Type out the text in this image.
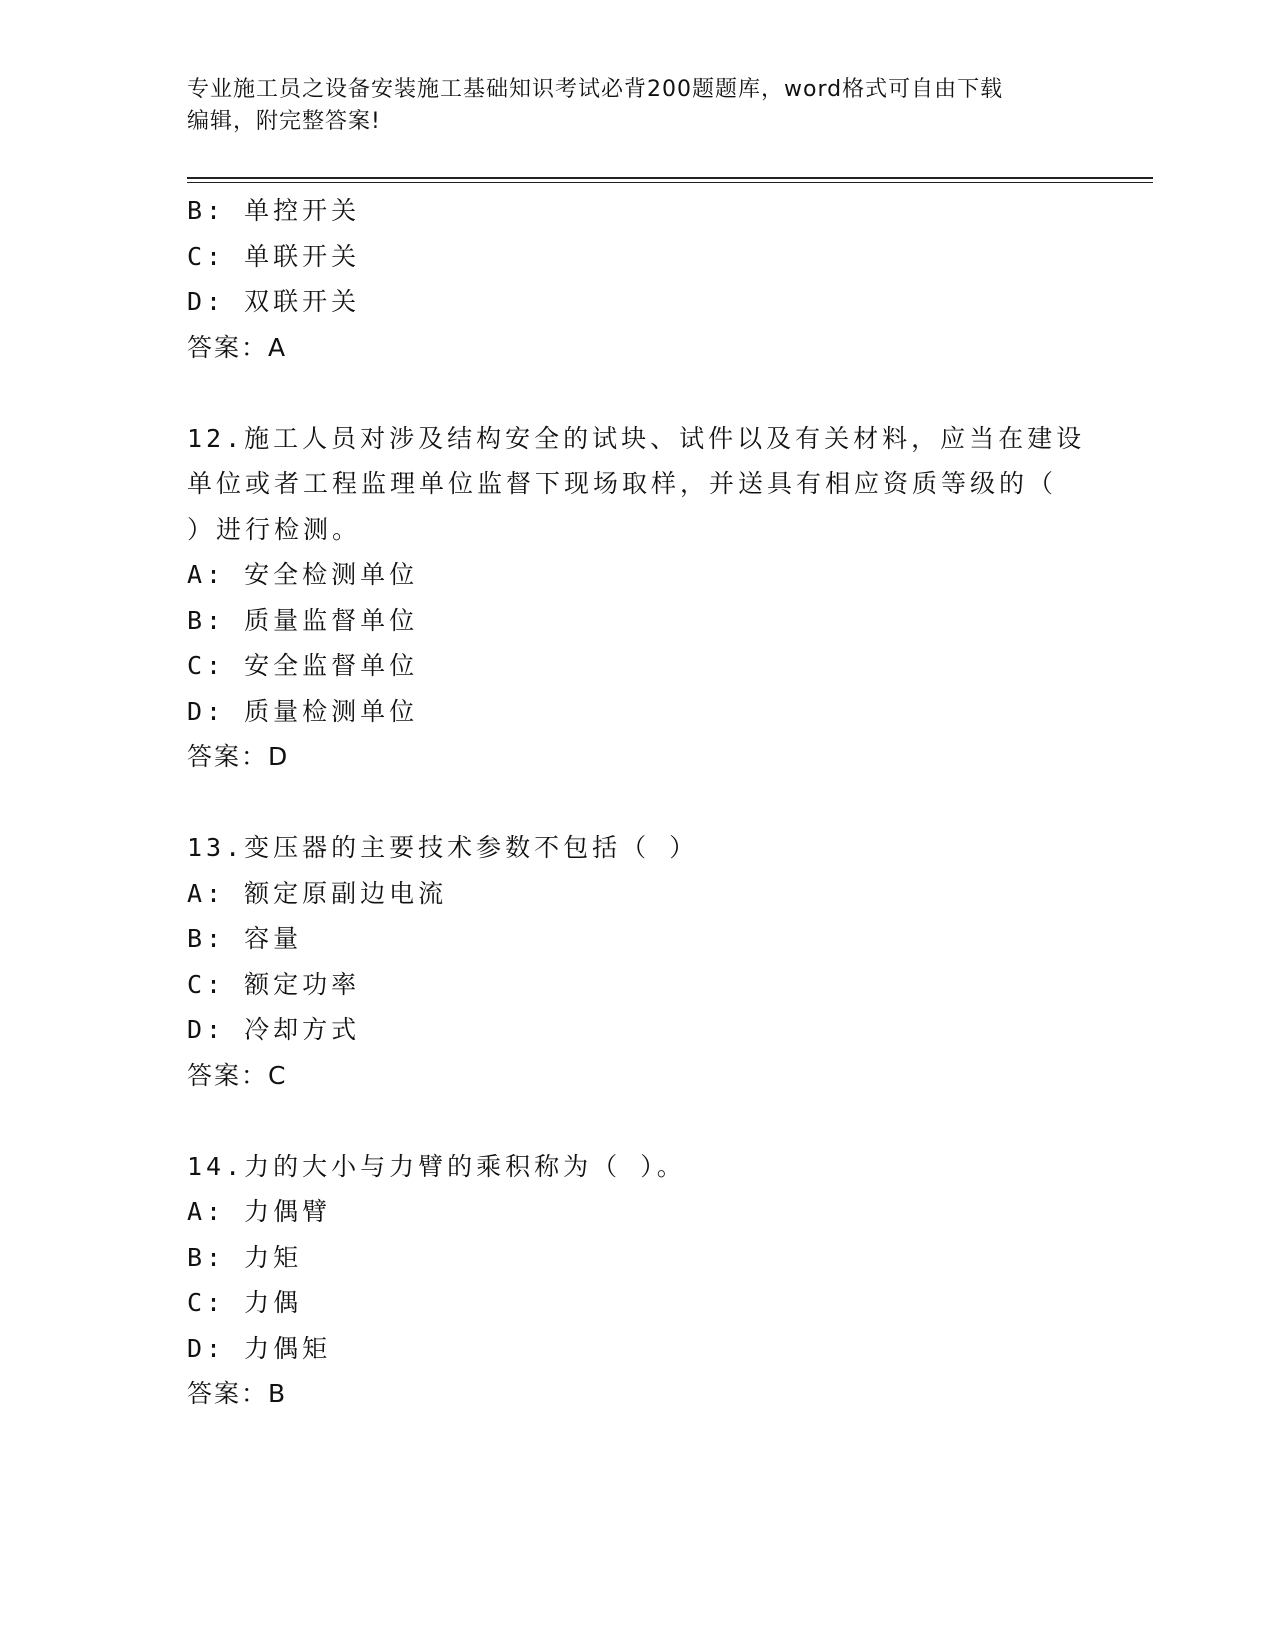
专业施工员之设备安装施工基础知识考试必背200题题库，word格式可自由下载
编辑，附完整答案!
B: 单控开关
C: 单联开关
D: 双联开关
答案：A
12.施工人员对涉及结构安全的试块、试件以及有关材料，应当在建设
单位或者工程监理单位监督下现场取样，并送具有相应资质等级的（
）进行检测。
A: 安全检测单位
B: 质量监督单位
C: 安全监督单位
D: 质量检测单位
答案：D
13.变压器的主要技术参数不包括（ ）
A: 额定原副边电流
B: 容量
C: 额定功率
D: 冷却方式
答案：C
14.力的大小与力臂的乘积称为（ ）。
A: 力偶臂
B: 力矩
C: 力偶
D: 力偶矩
答案：B
